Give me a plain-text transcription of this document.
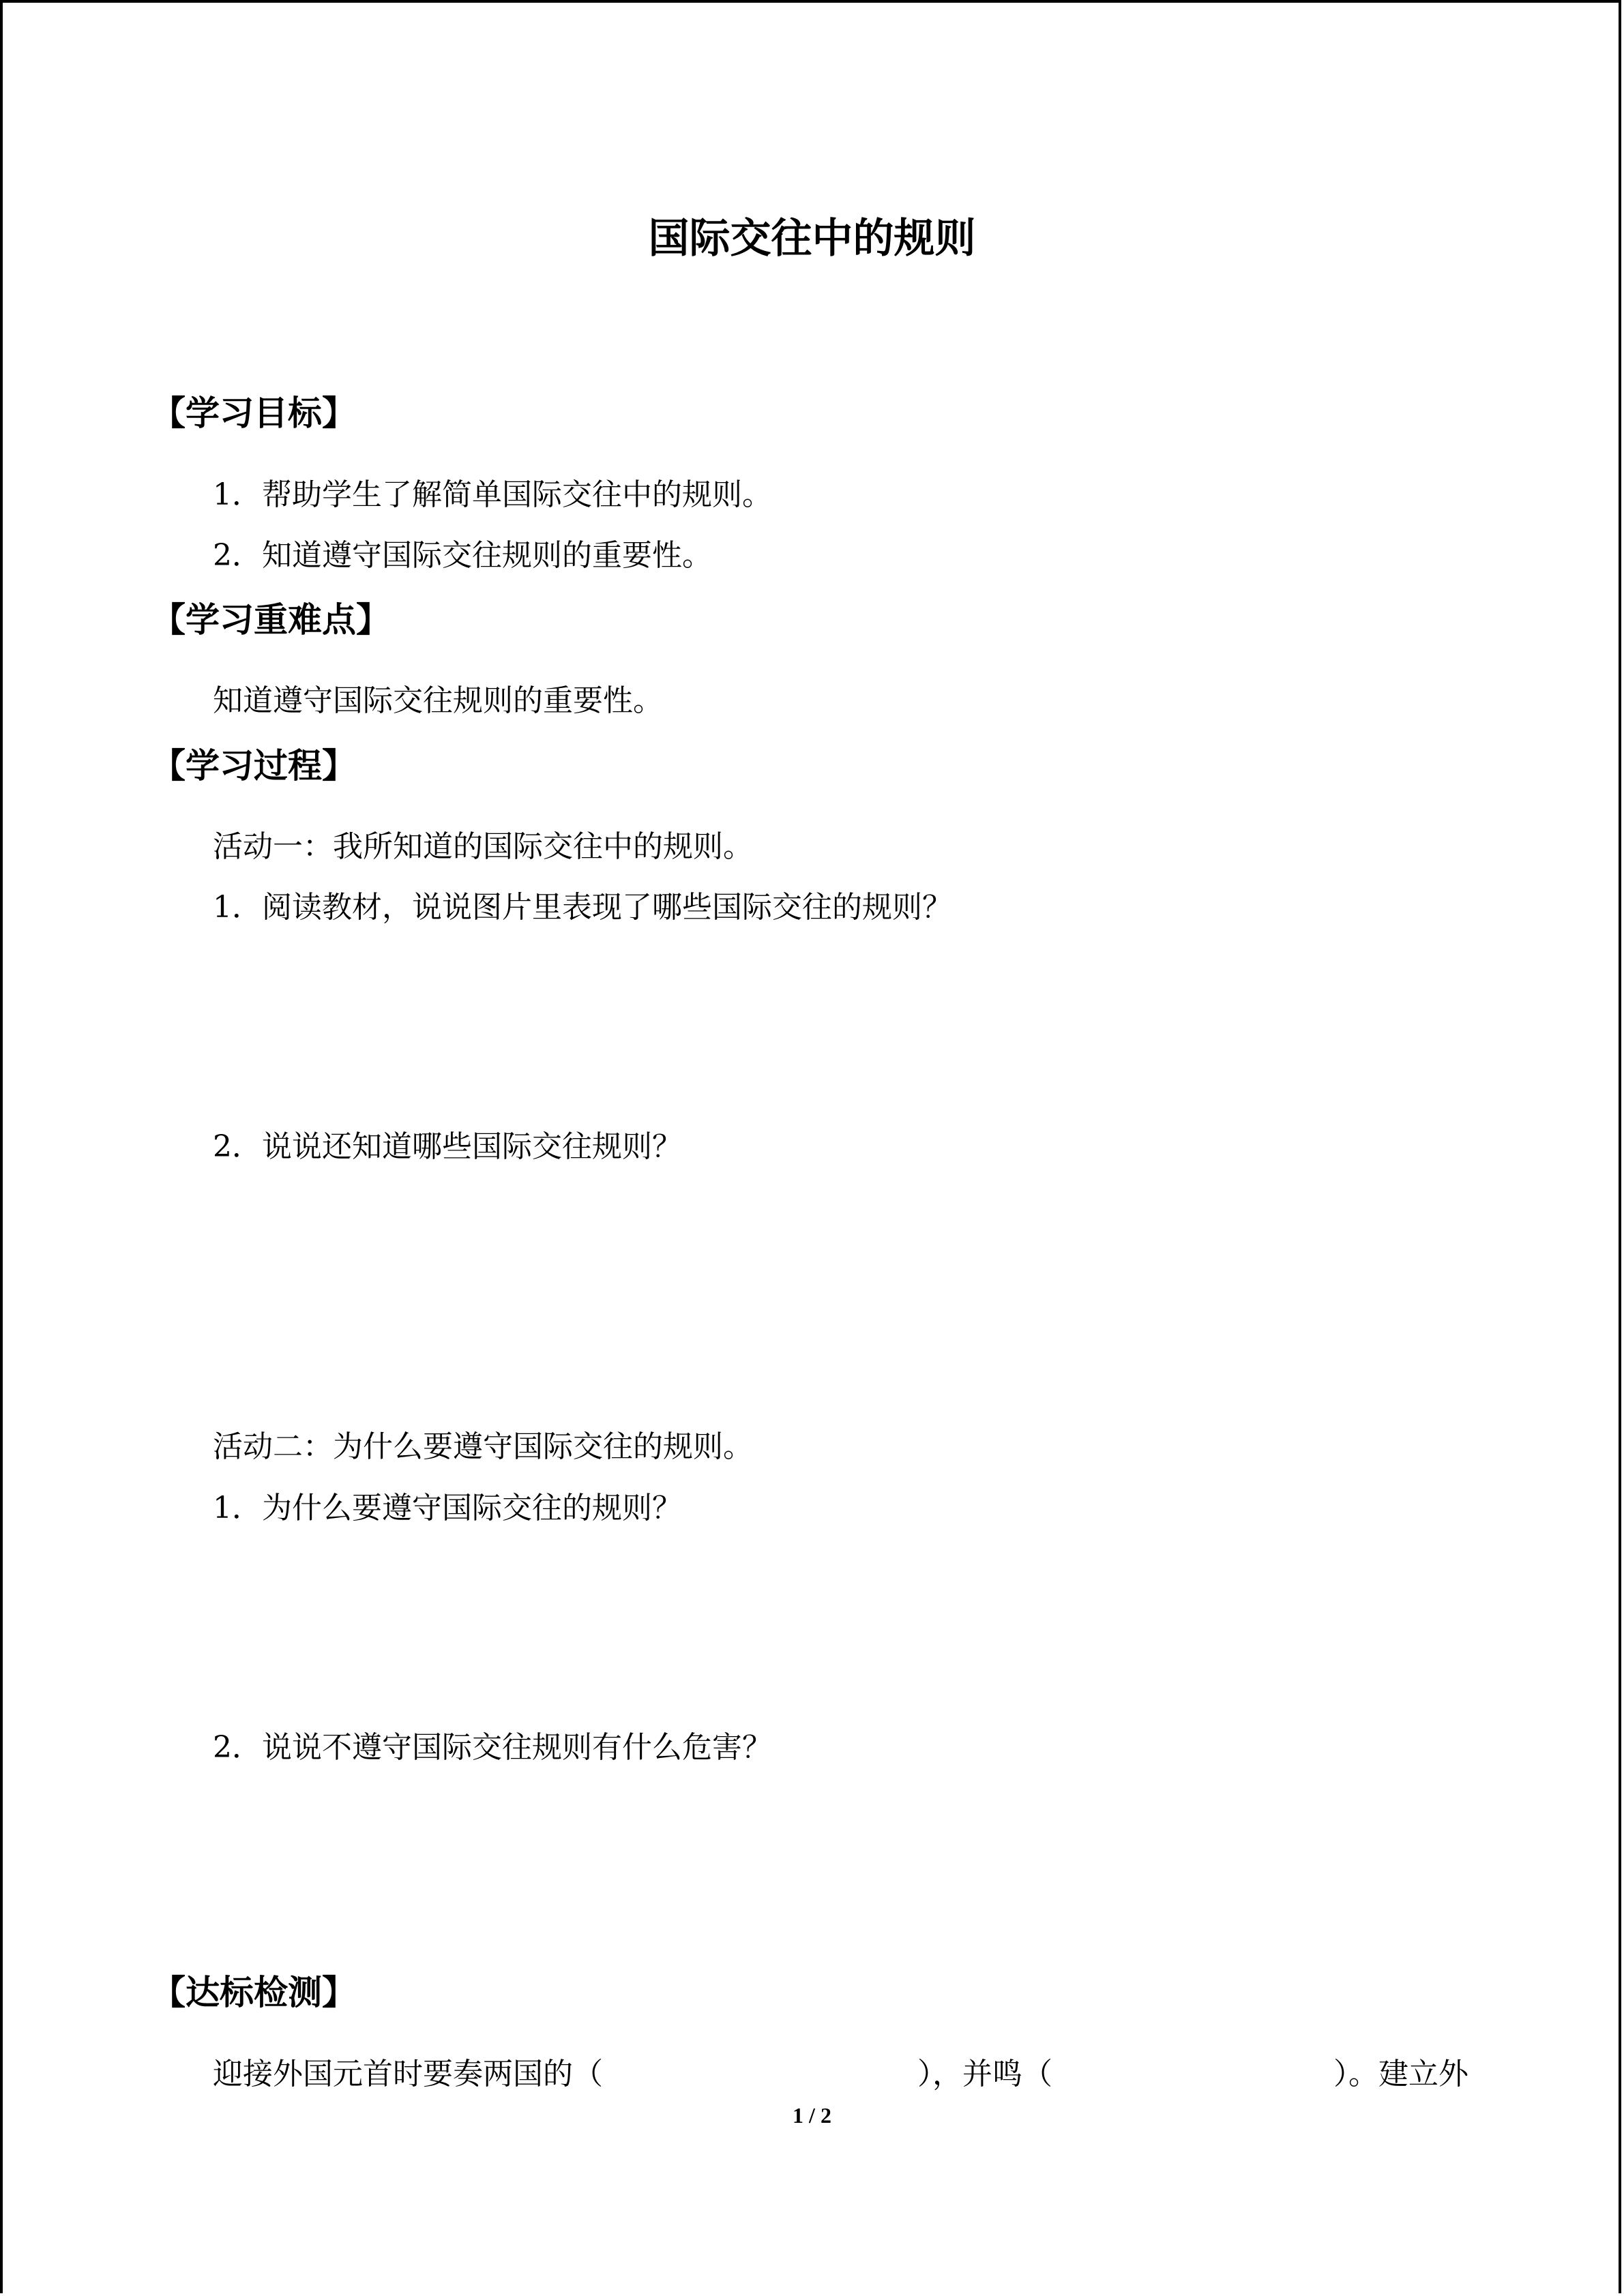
国际交往中的规则
【学习目标】
1．帮助学生了解简单国际交往中的规则。
2．知道遵守国际交往规则的重要性。
【学习重难点】
知道遵守国际交往规则的重要性。
【学习过程】
活动一：我所知道的国际交往中的规则。
1．阅读教材，说说图片里表现了哪些国际交往的规则？
2．说说还知道哪些国际交往规则？
活动二：为什么要遵守国际交往的规则。
1．为什么要遵守国际交往的规则？
2．说说不遵守国际交往规则有什么危害？
【达标检测】
迎接外国元首时要奏两国的（	），并鸣（	）。建立外
1 / 2
